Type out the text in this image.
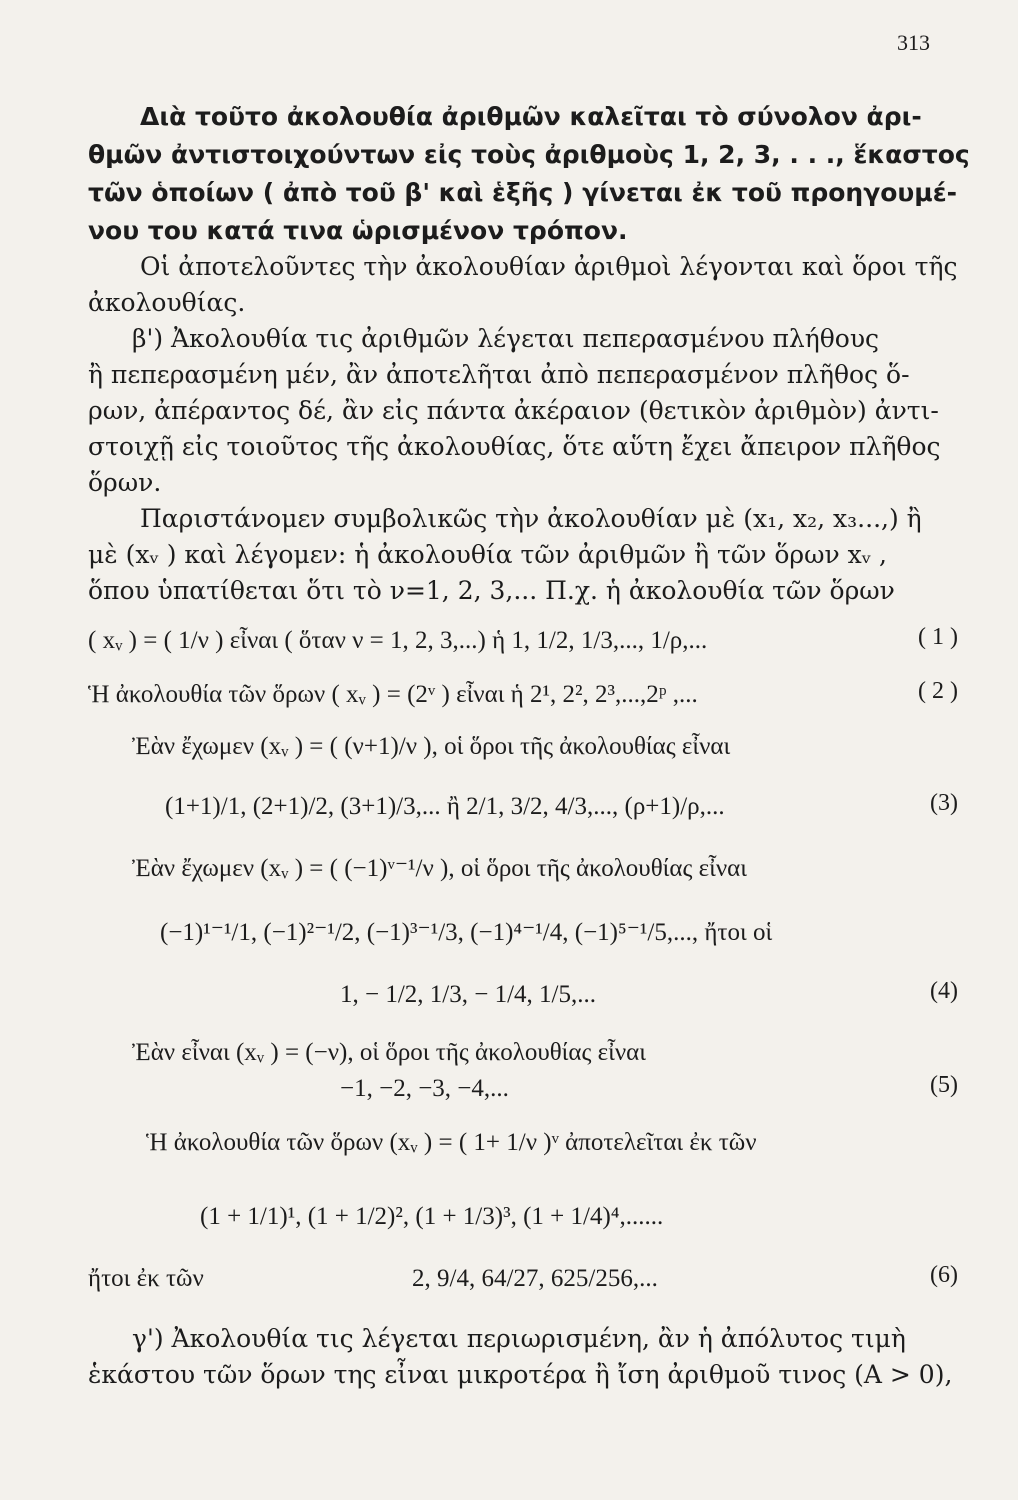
313
Διὰ τοῦτο ἀκολουθία ἀριθμῶν καλεῖται τὸ σύνολον ἀρι-
θμῶν ἀντιστοιχούντων εἰς τοὺς ἀριθμοὺς 1, 2, 3, . . ., ἕκαστος
τῶν ὁποίων ( ἀπὸ τοῦ β' καὶ ἑξῆς ) γίνεται ἐκ τοῦ προηγουμέ-
νου του κατά τινα ὡρισμένον τρόπον.
Οἱ ἀποτελοῦντες τὴν ἀκολουθίαν ἀριθμοὶ λέγονται καὶ ὅροι τῆς
ἀκολουθίας.
β') Ἀκολουθία τις ἀριθμῶν λέγεται πεπερασμένου πλήθους
ἢ πεπερασμένη μέν, ἂν ἀποτελῆται ἀπὸ πεπερασμένον πλῆθος ὅ-
ρων, ἀπέραντος δέ, ἂν εἰς πάντα ἀκέραιον (θετικὸν ἀριθμὸν) ἀντι-
στοιχῇ εἰς τοιοῦτος τῆς ἀκολουθίας, ὅτε αὕτη ἔχει ἄπειρον πλῆθος
ὅρων.
Παριστάνομεν συμβολικῶς τὴν ἀκολουθίαν μὲ (x₁, x₂, x₃...,) ἢ
μὲ (xᵥ ) καὶ λέγομεν: ἡ ἀκολουθία τῶν ἀριθμῶν ἢ τῶν ὅρων xᵥ ,
ὅπου ὑπατίθεται ὅτι τὸ ν=1, 2, 3,... Π.χ. ἡ ἀκολουθία τῶν ὅρων
( xᵥ ) = ( 1/ν ) εἶναι ( ὅταν ν = 1, 2, 3,...) ἡ 1, 1/2, 1/3,..., 1/ρ,...	( 1 )
Ἡ ἀκολουθία τῶν ὅρων ( xᵥ ) = (2ᵛ ) εἶναι ἡ 2¹, 2², 2³,...,2ᵖ ,...	( 2 )
Ἐὰν ἔχωμεν (xᵥ ) = ( (ν+1)/ν ), οἱ ὅροι τῆς ἀκολουθίας εἶναι
(1+1)/1, (2+1)/2, (3+1)/3,... ἢ 2/1, 3/2, 4/3,..., (ρ+1)/ρ,...	(3)
Ἐὰν ἔχωμεν (xᵥ ) = ( (−1)ᵛ⁻¹/ν ), οἱ ὅροι τῆς ἀκολουθίας εἶναι
(−1)¹⁻¹/1, (−1)²⁻¹/2, (−1)³⁻¹/3, (−1)⁴⁻¹/4, (−1)⁵⁻¹/5,..., ἤτοι οἱ
1, − 1/2, 1/3, − 1/4, 1/5,...	(4)
Ἐὰν εἶναι (xᵥ ) = (−ν), οἱ ὅροι τῆς ἀκολουθίας εἶναι
−1, −2, −3, −4,...	(5)
Ἡ ἀκολουθία τῶν ὅρων (xᵥ ) = ( 1+ 1/ν )ᵛ ἀποτελεῖται ἐκ τῶν
(1 + 1/1)¹, (1 + 1/2)², (1 + 1/3)³, (1 + 1/4)⁴,......
ἤτοι ἐκ τῶν	2, 9/4, 64/27, 625/256,...	(6)
γ') Ἀκολουθία τις λέγεται περιωρισμένη, ἂν ἡ ἀπόλυτος τιμὴ
ἑκάστου τῶν ὅρων της εἶναι μικροτέρα ἢ ἴση ἀριθμοῦ τινος (A > 0),
